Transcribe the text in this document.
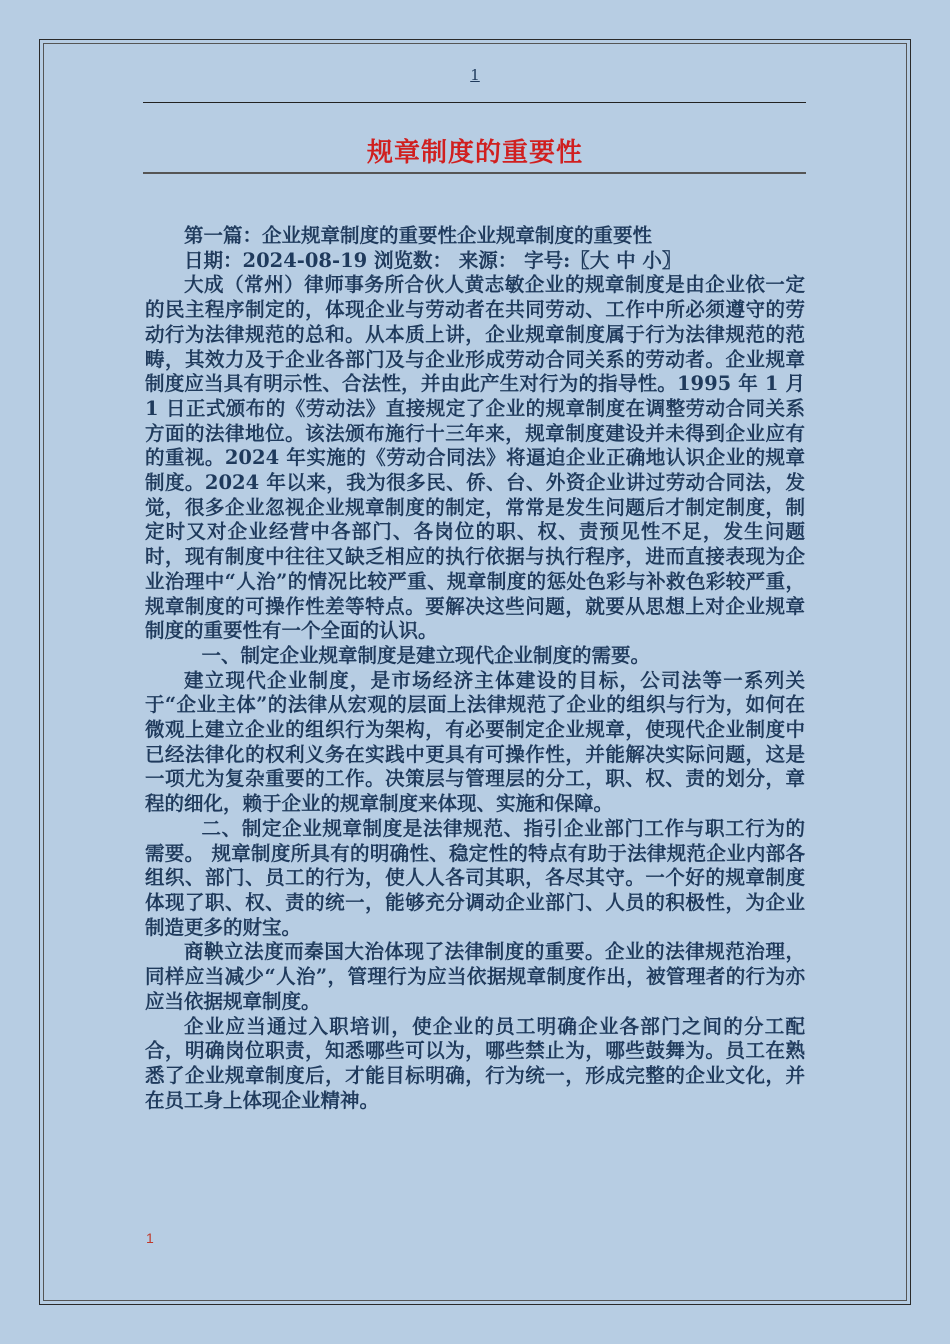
1
规章制度的重要性

第一篇：企业规章制度的重要性企业规章制度的重要性

日期：2024-08-19 浏览数： 来源： 字号:〖大 中 小〗

大成（常州）律师事务所合伙人黄志敏企业的规章制度是由企业依一定的民主程序制定的，体现企业与劳动者在共同劳动、工作中所必须遵守的劳动行为法律规范的总和。从本质上讲，企业规章制度属于行为法律规范的范畴，其效力及于企业各部门及与企业形成劳动合同关系的劳动者。企业规章制度应当具有明示性、合法性，并由此产生对行为的指导性。1995 年 1 月 1 日正式颁布的《劳动法》直接规定了企业的规章制度在调整劳动合同关系方面的法律地位。该法颁布施行十三年来，规章制度建设并未得到企业应有的重视。2024 年实施的《劳动合同法》将逼迫企业正确地认识企业的规章制度。2024 年以来，我为很多民、侨、台、外资企业讲过劳动合同法，发觉，很多企业忽视企业规章制度的制定，常常是发生问题后才制定制度，制定时又对企业经营中各部门、各岗位的职、权、责预见性不足，发生问题时，现有制度中往往又缺乏相应的执行依据与执行程序，进而直接表现为企业治理中“人治”的情况比较严重、规章制度的惩处色彩与补救色彩较严重，规章制度的可操作性差等特点。要解决这些问题，就要从思想上对企业规章制度的重要性有一个全面的认识。

一、制定企业规章制度是建立现代企业制度的需要。

建立现代企业制度，是市场经济主体建设的目标，公司法等一系列关于“企业主体”的法律从宏观的层面上法律规范了企业的组织与行为，如何在微观上建立企业的组织行为架构，有必要制定企业规章，使现代企业制度中已经法律化的权利义务在实践中更具有可操作性，并能解决实际问题，这是一项尤为复杂重要的工作。决策层与管理层的分工，职、权、责的划分，章程的细化，赖于企业的规章制度来体现、实施和保障。

二、制定企业规章制度是法律规范、指引企业部门工作与职工行为的需要。 规章制度所具有的明确性、稳定性的特点有助于法律规范企业内部各组织、部门、员工的行为，使人人各司其职，各尽其守。一个好的规章制度体现了职、权、责的统一，能够充分调动企业部门、人员的积极性，为企业制造更多的财宝。

商鞅立法度而秦国大治体现了法律制度的重要。企业的法律规范治理，同样应当减少“人治”，管理行为应当依据规章制度作出，被管理者的行为亦应当依据规章制度。

企业应当通过入职培训，使企业的员工明确企业各部门之间的分工配合，明确岗位职责，知悉哪些可以为，哪些禁止为，哪些鼓舞为。员工在熟悉了企业规章制度后，才能目标明确，行为统一，形成完整的企业文化，并在员工身上体现企业精神。

1
